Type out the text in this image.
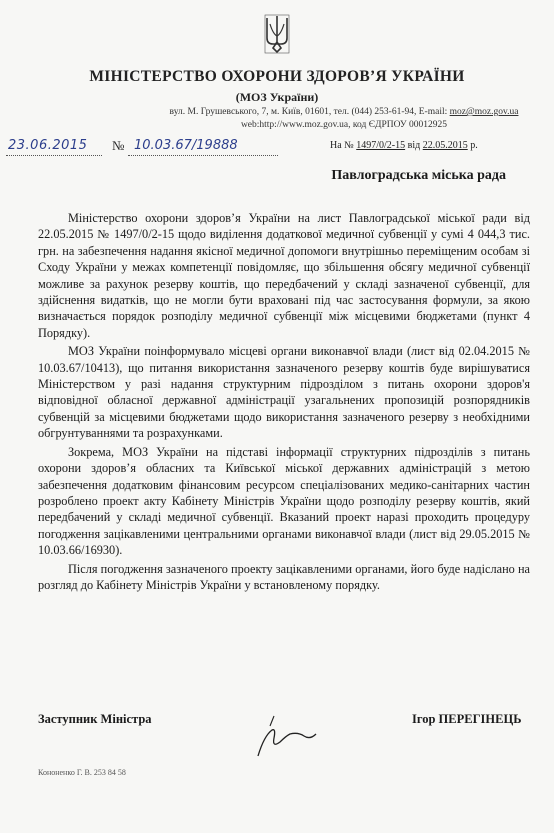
МІНІСТЕРСТВО ОХОРОНИ ЗДОРОВ’Я УКРАЇНИ
(МОЗ України)
вул. М. Грушевського, 7, м. Київ, 01601, тел. (044) 253-61-94, E-mail: moz@moz.gov.ua
web:http://www.moz.gov.ua, код ЄДРПОУ 00012925
23.06.2015 № 10.03.67/19888	На № 1497/0/2-15 від 22.05.2015 р.
Павлоградська міська рада

Міністерство охорони здоров’я України на лист Павлоградської міської ради від 22.05.2015 № 1497/0/2-15 щодо виділення додаткової медичної субвенції у сумі 4 044,3 тис. грн. на забезпечення надання якісної медичної допомоги внутрішньо переміщеним особам зі Сходу України у межах компетенції повідомляє, що збільшення обсягу медичної субвенції можливе за рахунок резерву коштів, що передбачений у складі зазначеної субвенції, для здійснення видатків, що не могли бути враховані під час застосування формули, за якою визначається порядок розподілу медичної субвенції між місцевими бюджетами (пункт 4 Порядку).

МОЗ України поінформувало місцеві органи виконавчої влади (лист від 02.04.2015 № 10.03.67/10413), що питання використання зазначеного резерву коштів буде вирішуватися Міністерством у разі надання структурним підрозділом з питань охорони здоров'я відповідної обласної державної адміністрації узагальнених пропозицій розпорядників субвенцій за місцевими бюджетами щодо використання зазначеного резерву з необхідними обгрунтуваннями та розрахунками.

Зокрема, МОЗ України на підставі інформації структурних підрозділів з питань охорони здоров’я обласних та Київської міської державних адміністрацій з метою забезпечення додатковим фінансовим ресурсом спеціалізованих медико-санітарних частин розроблено проект акту Кабінету Міністрів України щодо розподілу резерву коштів, який передбачений у складі медичної субвенції. Вказаний проект наразі проходить процедуру погодження зацікавленими центральними органами виконавчої влади (лист від 29.05.2015 № 10.03.66/16930).

Після погодження зазначеного проекту зацікавленими органами, його буде надіслано на розгляд до Кабінету Міністрів України у встановленому порядку.

Заступник Міністра	Ігор ПЕРЕГІНЕЦЬ
Кононенко Г. В. 253 84 58
